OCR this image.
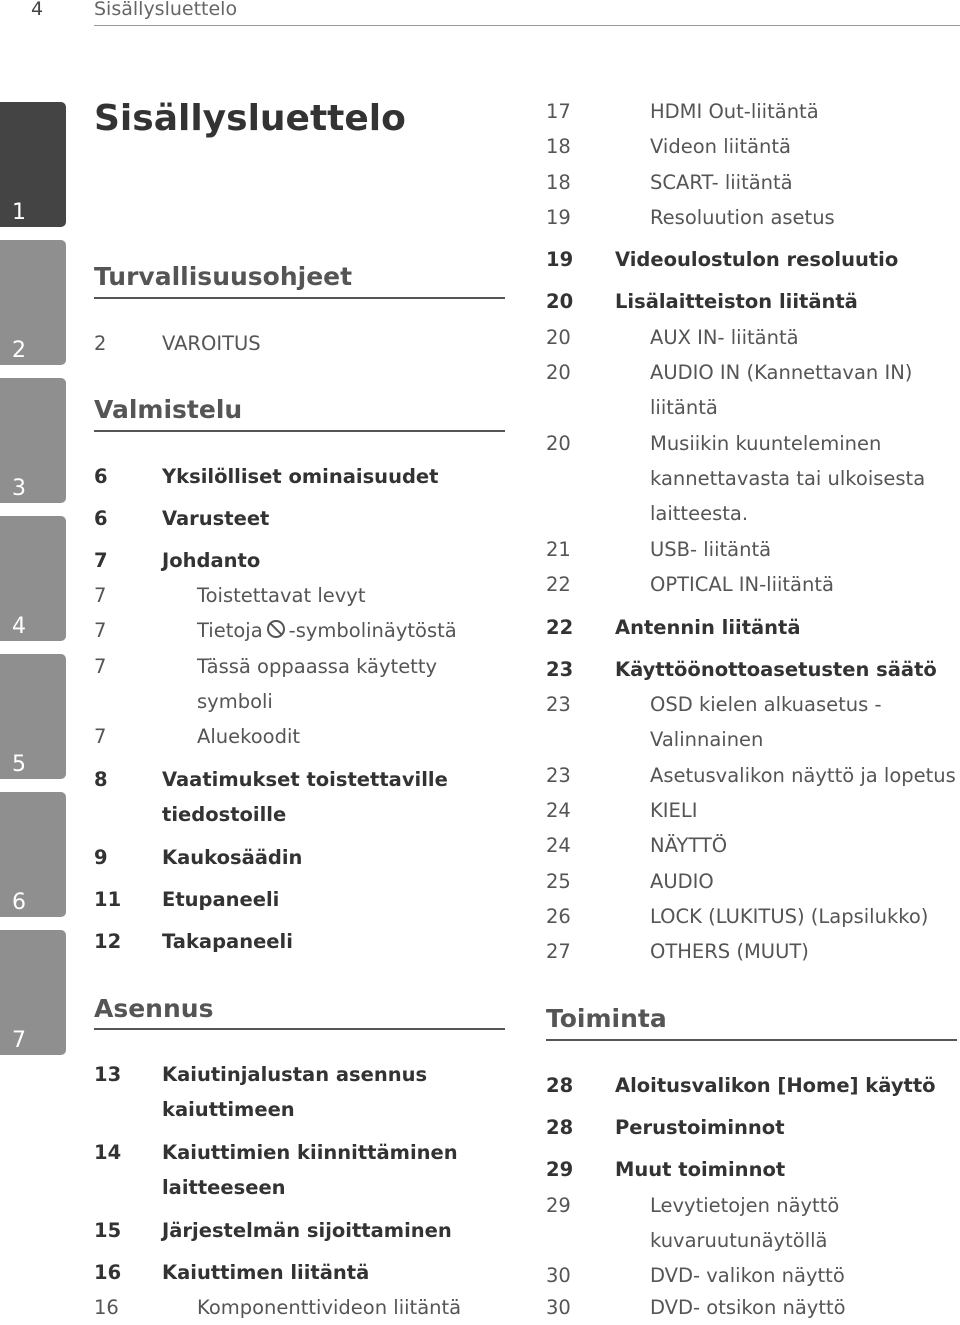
4	Sisällysluettelo
1
2
3
4
5
6
7
Sisällysluettelo
Turvallisuusohjeet
2	VAROITUS
Valmistelu
6	Yksilölliset ominaisuudet
6	Varusteet
7	Johdanto
7	Toistettavat levyt
7	Tietoja -symbolinäytöstä
7	Tässä oppaassa käytetty
symboli
7	Aluekoodit
8	Vaatimukset toistettaville
tiedostoille
9	Kaukosäädin
11 Etupaneeli
12 Takapaneeli
Asennus
13 Kaiutinjalustan asennus
kaiuttimeen
14 Kaiuttimien kiinnittäminen
laitteeseen
15 Järjestelmän sijoittaminen
16 Kaiuttimen liitäntä
16	Komponenttivideon liitäntä
17	HDMI Out-liitäntä
18	Videon liitäntä
18	SCART- liitäntä
19	Resoluution asetus
19 Videoulostulon resoluutio
20 Lisälaitteiston liitäntä
20	AUX IN- liitäntä
20	AUDIO IN (Kannettavan IN)
liitäntä
20	Musiikin kuunteleminen
kannettavasta tai ulkoisesta
laitteesta.
21	USB- liitäntä
22	OPTICAL IN-liitäntä
22 Antennin liitäntä
23 Käyttöönottoasetusten säätö
23	OSD kielen alkuasetus -
Valinnainen
23	Asetusvalikon näyttö ja lopetus
24	KIELI
24	NÄYTTÖ
25	AUDIO
26	LOCK (LUKITUS) (Lapsilukko)
27	OTHERS (MUUT)
Toiminta
28 Aloitusvalikon [Home] käyttö
28 Perustoiminnot
29 Muut toiminnot
29	Levytietojen näyttö
kuvaruutunäytöllä
30	DVD- valikon näyttö
30	DVD- otsikon näyttö
